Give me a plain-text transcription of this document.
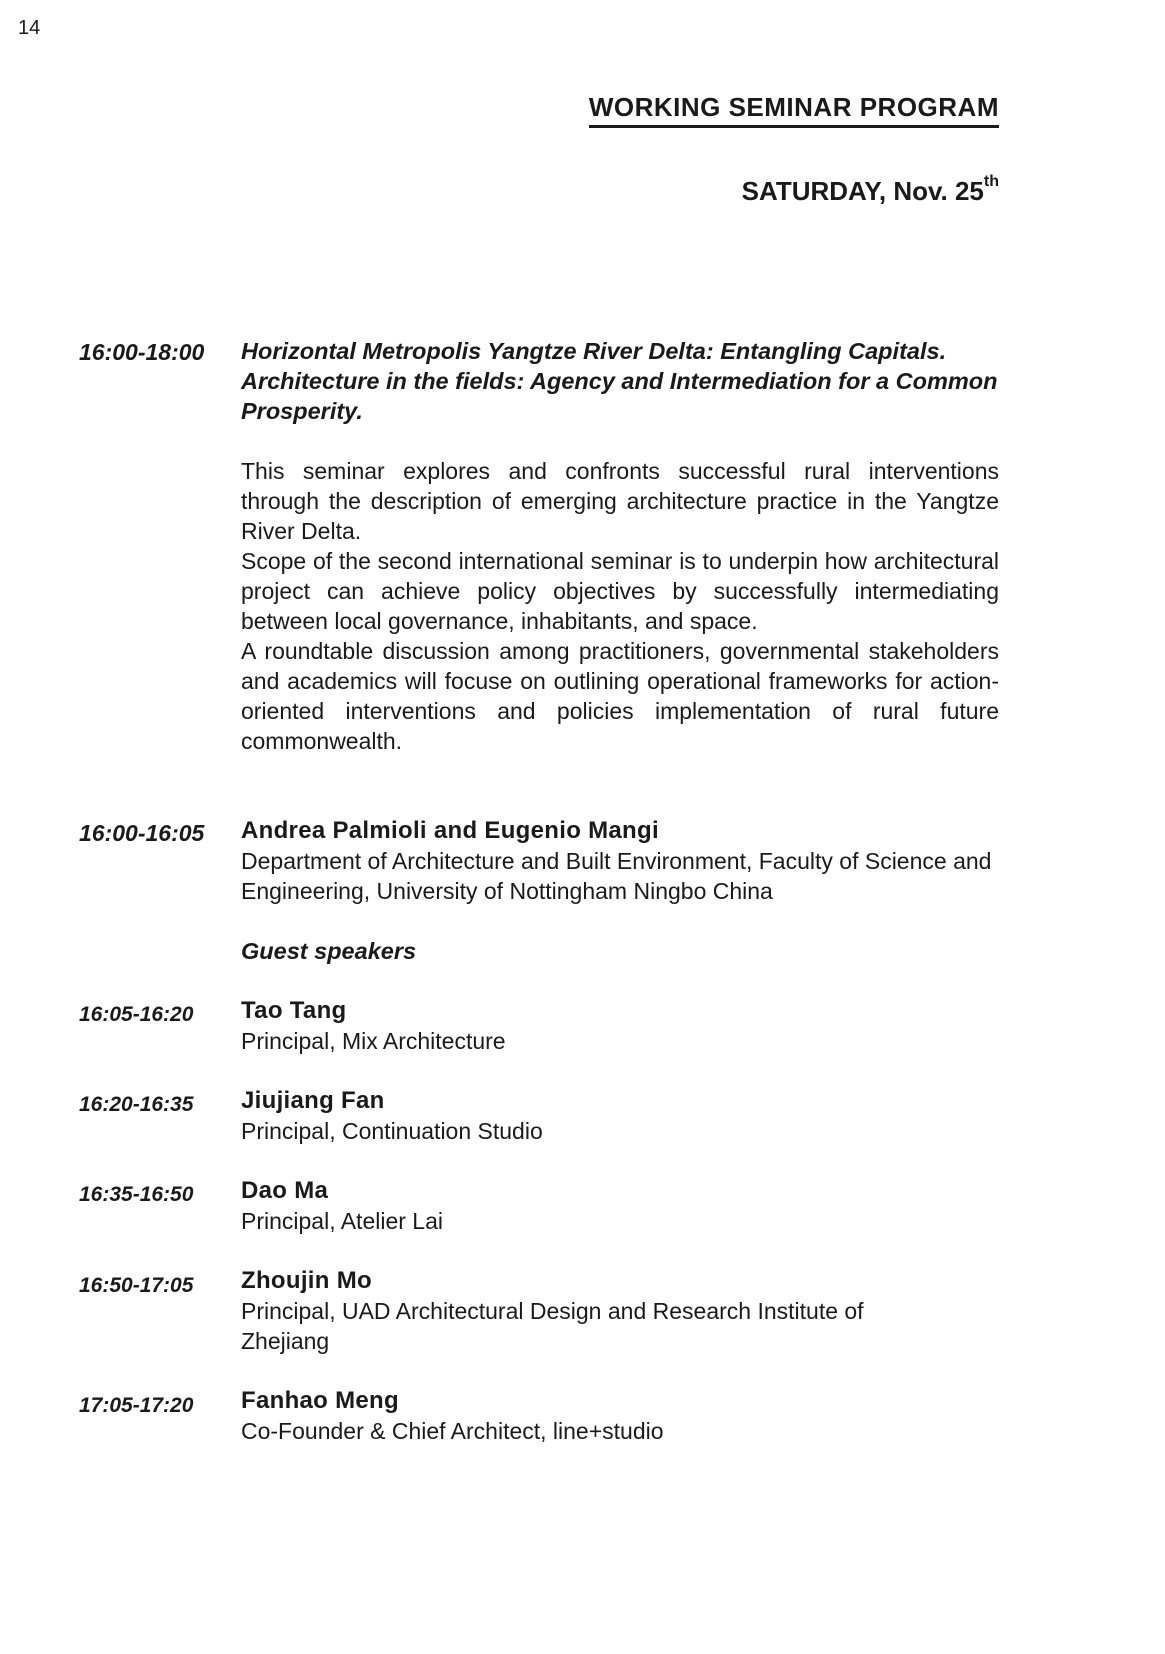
14
WORKING SEMINAR PROGRAM
SATURDAY, Nov. 25th
16:00-18:00 Horizontal Metropolis Yangtze River Delta: Entangling Capitals. Architecture in the fields: Agency and Intermediation for a Common Prosperity.

This seminar explores and confronts successful rural interventions through the description of emerging architecture practice in the Yangtze River Delta.

Scope of the second international seminar is to underpin how architectural project can achieve policy objectives by successfully intermediating between local governance, inhabitants, and space.

A roundtable discussion among practitioners, governmental stakeholders and academics will focuse on outlining operational frameworks for action-oriented interventions and policies implementation of rural future commonwealth.

16:00-16:05 Andrea Palmioli and Eugenio Mangi
Department of Architecture and Built Environment, Faculty of Science and Engineering, University of Nottingham Ningbo China
Guest speakers
16:05-16:20 Tao Tang
Principal, Mix Architecture
16:20-16:35 Jiujiang Fan
Principal, Continuation Studio
16:35-16:50 Dao Ma
Principal, Atelier Lai
16:50-17:05 Zhoujin Mo
Principal, UAD Architectural Design and Research Institute of Zhejiang
17:05-17:20 Fanhao Meng
Co-Founder & Chief Architect, line+studio
